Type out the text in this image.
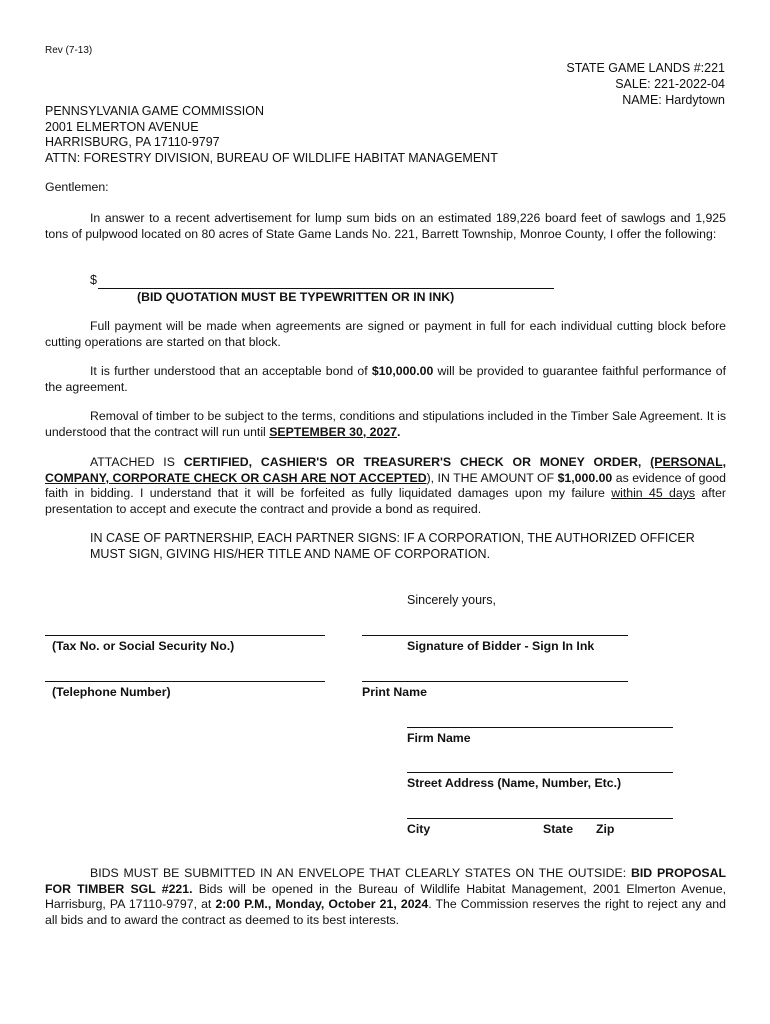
Rev (7-13)
STATE GAME LANDS #:221
SALE: 221-2022-04
NAME: Hardytown
PENNSYLVANIA GAME COMMISSION
2001 ELMERTON AVENUE
HARRISBURG, PA 17110-9797
ATTN: FORESTRY DIVISION, BUREAU OF WILDLIFE HABITAT MANAGEMENT
Gentlemen:
In answer to a recent advertisement for lump sum bids on an estimated 189,226 board feet of sawlogs and 1,925 tons of pulpwood located on 80 acres of State Game Lands No. 221, Barrett Township, Monroe County, I offer the following:
$
(BID QUOTATION MUST BE TYPEWRITTEN OR IN INK)
Full payment will be made when agreements are signed or payment in full for each individual cutting block before cutting operations are started on that block.
It is further understood that an acceptable bond of $10,000.00 will be provided to guarantee faithful performance of the agreement.
Removal of timber to be subject to the terms, conditions and stipulations included in the Timber Sale Agreement. It is understood that the contract will run until SEPTEMBER 30, 2027.
ATTACHED IS CERTIFIED, CASHIER'S OR TREASURER'S CHECK OR MONEY ORDER, (PERSONAL, COMPANY, CORPORATE CHECK OR CASH ARE NOT ACCEPTED), IN THE AMOUNT OF $1,000.00 as evidence of good faith in bidding. I understand that it will be forfeited as fully liquidated damages upon my failure within 45 days after presentation to accept and execute the contract and provide a bond as required.
IN CASE OF PARTNERSHIP, EACH PARTNER SIGNS: IF A CORPORATION, THE AUTHORIZED OFFICER MUST SIGN, GIVING HIS/HER TITLE AND NAME OF CORPORATION.
Sincerely yours,
(Tax No. or Social Security No.)	Signature of Bidder - Sign In Ink
(Telephone Number)	Print Name
Firm Name
Street Address (Name, Number, Etc.)
City	State Zip
BIDS MUST BE SUBMITTED IN AN ENVELOPE THAT CLEARLY STATES ON THE OUTSIDE: BID PROPOSAL FOR TIMBER SGL #221. Bids will be opened in the Bureau of Wildlife Habitat Management, 2001 Elmerton Avenue, Harrisburg, PA 17110-9797, at 2:00 P.M., Monday, October 21, 2024. The Commission reserves the right to reject any and all bids and to award the contract as deemed to its best interests.
